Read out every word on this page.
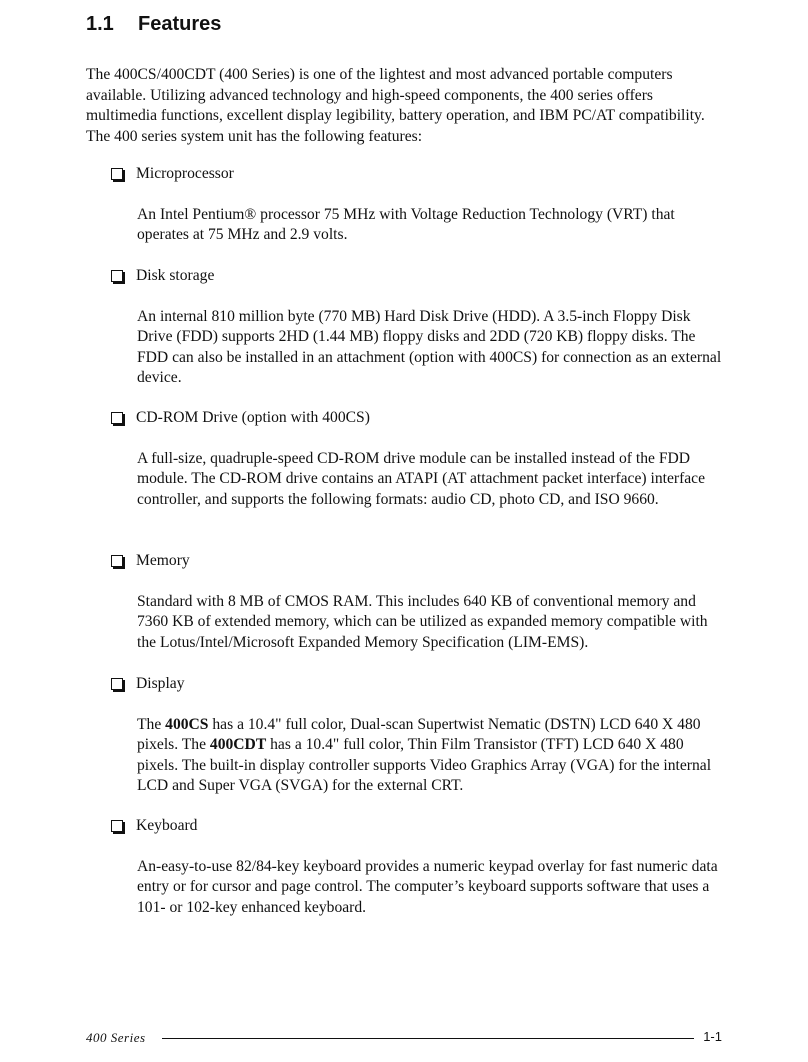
1.1 Features
The 400CS/400CDT (400 Series) is one of the lightest and most advanced portable computers available. Utilizing advanced technology and high-speed components, the 400 series offers multimedia functions, excellent display legibility, battery operation, and IBM PC/AT compatibility. The 400 series system unit has the following features:
Microprocessor
An Intel Pentium® processor 75 MHz with Voltage Reduction Technology (VRT) that operates at 75 MHz and 2.9 volts.
Disk storage
An internal 810 million byte (770 MB) Hard Disk Drive (HDD). A 3.5-inch Floppy Disk Drive (FDD) supports 2HD (1.44 MB) floppy disks and 2DD (720 KB) floppy disks. The FDD can also be installed in an attachment (option with 400CS) for connection as an external device.
CD-ROM Drive (option with 400CS)
A full-size, quadruple-speed CD-ROM drive module can be installed instead of the FDD module. The CD-ROM drive contains an ATAPI (AT attachment packet interface) interface controller, and supports the following formats: audio CD, photo CD, and ISO 9660.
Memory
Standard with 8 MB of CMOS RAM. This includes 640 KB of conventional memory and 7360 KB of extended memory, which can be utilized as expanded memory compatible with the Lotus/Intel/Microsoft Expanded Memory Specification (LIM-EMS).
Display
The 400CS has a 10.4" full color, Dual-scan Supertwist Nematic (DSTN) LCD 640 X 480 pixels. The 400CDT has a 10.4" full color, Thin Film Transistor (TFT) LCD 640 X 480 pixels. The built-in display controller supports Video Graphics Array (VGA) for the internal LCD and Super VGA (SVGA) for the external CRT.
Keyboard
An-easy-to-use 82/84-key keyboard provides a numeric keypad overlay for fast numeric data entry or for cursor and page control. The computer’s keyboard supports software that uses a 101- or 102-key enhanced keyboard.
400 Series	1-1
